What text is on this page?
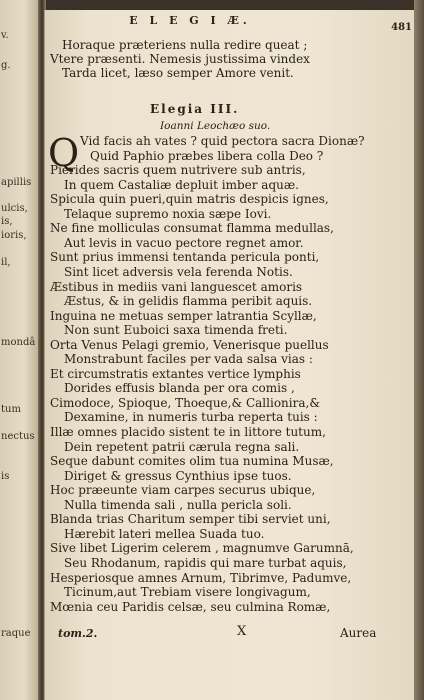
v.
g.
apillis
ulcis,
is,
ioris,
il,
mondâ
tum
nectus
is
raque
E L E G I Æ.
481
Horaque præteriens nulla redire queat ;
Vtere præsenti. Nemesis justissima vindex
Tarda licet, læso semper Amore venit.
Elegia III.
Ioanni Leochæo suo.
Q Vid facis ah vates ? quid pectora sacra Dionæ?
Quid Paphio præbes libera colla Deo ?
Pierides sacris quem nutrivere sub antris,
In quem Castaliæ depluit imber aquæ.
Spicula quin pueri,quin matris despicis ignes,
Telaque supremo noxia sæpe Iovi.
Ne fine molliculas consumat flamma medullas,
Aut levis in vacuo pectore regnet amor.
Sunt prius immensi tentanda pericula ponti,
Sint licet adversis vela ferenda Notis.
Æstibus in mediis vani languescet amoris
Æstus, & in gelidis flamma peribit aquis.
Inguina ne metuas semper latrantia Scyllæ,
Non sunt Euboici saxa timenda freti.
Orta Venus Pelagi gremio, Venerisque puellus
Monstrabunt faciles per vada salsa vias :
Et circumstratis extantes vertice lymphis
Dorides effusis blanda per ora comis ,
Cimodoce, Spioque, Thoeque,& Callionira,&
Dexamine, in numeris turba reperta tuis :
Illæ omnes placido sistent te in littore tutum,
Dein repetent patrii cærula regna sali.
Seque dabunt comites olim tua numina Musæ,
Diriget & gressus Cynthius ipse tuos.
Hoc præeunte viam carpes securus ubique,
Nulla timenda sali , nulla pericla soli.
Blanda trias Charitum semper tibi serviet uni,
Hærebit lateri mellea Suada tuo.
Sive libet Ligerim celerem , magnumve Garumnā,
Seu Rhodanum, rapidis qui mare turbat aquis,
Hesperiosque amnes Arnum, Tibrimve, Padumve,
Ticinum,aut Trebiam visere longivagum,
Mœnia ceu Paridis celsæ, seu culmina Romæ,
tom.2.	X	Aurea
